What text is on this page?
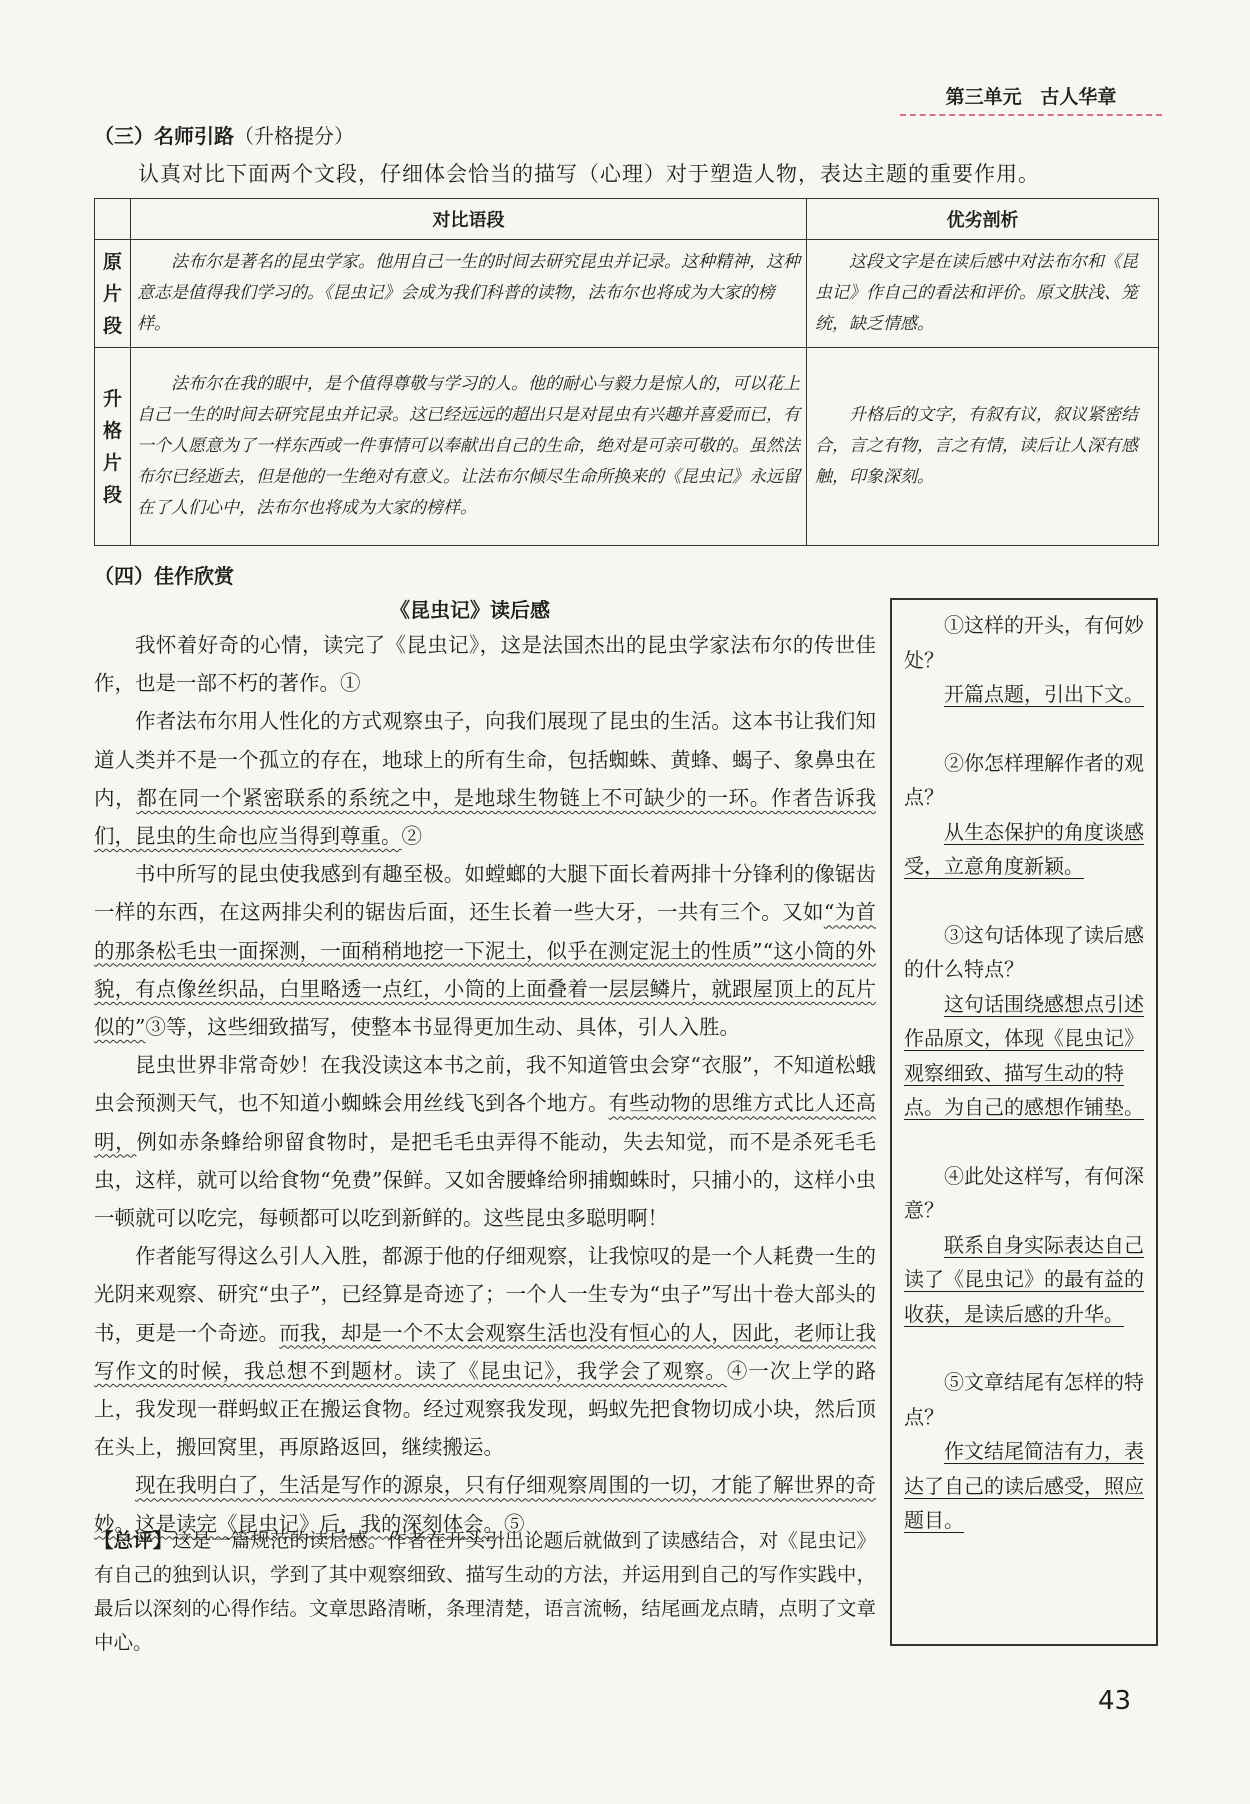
第三单元 古人华章
（三）名师引路（升格提分）
认真对比下面两个文段，仔细体会恰当的描写（心理）对于塑造人物，表达主题的重要作用。
	对比语段	优劣剖析
原片段	法布尔是著名的昆虫学家。他用自己一生的时间去研究昆虫并记录。这种精神，这种意志是值得我们学习的。《昆虫记》会成为我们科普的读物，法布尔也将成为大家的榜样。	这段文字是在读后感中对法布尔和《昆虫记》作自己的看法和评价。原文肤浅、笼统，缺乏情感。
升格片段	法布尔在我的眼中，是个值得尊敬与学习的人。他的耐心与毅力是惊人的，可以花上自己一生的时间去研究昆虫并记录。这已经远远的超出只是对昆虫有兴趣并喜爱而已，有一个人愿意为了一样东西或一件事情可以奉献出自己的生命，绝对是可亲可敬的。虽然法布尔已经逝去，但是他的一生绝对有意义。让法布尔倾尽生命所换来的《昆虫记》永远留在了人们心中，法布尔也将成为大家的榜样。	升格后的文字，有叙有议，叙议紧密结合，言之有物，言之有情，读后让人深有感触，印象深刻。
（四）佳作欣赏
《昆虫记》读后感

我怀着好奇的心情，读完了《昆虫记》，这是法国杰出的昆虫学家法布尔的传世佳作，也是一部不朽的著作。①

作者法布尔用人性化的方式观察虫子，向我们展现了昆虫的生活。这本书让我们知道人类并不是一个孤立的存在，地球上的所有生命，包括蜘蛛、黄蜂、蝎子、象鼻虫在内，都在同一个紧密联系的系统之中，是地球生物链上不可缺少的一环。作者告诉我们，昆虫的生命也应当得到尊重。②

书中所写的昆虫使我感到有趣至极。如螳螂的大腿下面长着两排十分锋利的像锯齿一样的东西，在这两排尖利的锯齿后面，还生长着一些大牙，一共有三个。又如“为首的那条松毛虫一面探测，一面稍稍地挖一下泥土，似乎在测定泥土的性质”“这小筒的外貌，有点像丝织品，白里略透一点红，小筒的上面叠着一层层鳞片，就跟屋顶上的瓦片似的”③等，这些细致描写，使整本书显得更加生动、具体，引人入胜。

昆虫世界非常奇妙！在我没读这本书之前，我不知道管虫会穿“衣服”，不知道松蛾虫会预测天气，也不知道小蜘蛛会用丝线飞到各个地方。有些动物的思维方式比人还高明，例如赤条蜂给卵留食物时，是把毛毛虫弄得不能动，失去知觉，而不是杀死毛毛虫，这样，就可以给食物“免费”保鲜。又如舍腰蜂给卵捕蜘蛛时，只捕小的，这样小虫一顿就可以吃完，每顿都可以吃到新鲜的。这些昆虫多聪明啊！

作者能写得这么引人入胜，都源于他的仔细观察，让我惊叹的是一个人耗费一生的光阴来观察、研究“虫子”，已经算是奇迹了；一个人一生专为“虫子”写出十卷大部头的书，更是一个奇迹。而我，却是一个不太会观察生活也没有恒心的人，因此，老师让我写作文的时候，我总想不到题材。读了《昆虫记》，我学会了观察。④一次上学的路上，我发现一群蚂蚁正在搬运食物。经过观察我发现，蚂蚁先把食物切成小块，然后顶在头上，搬回窝里，再原路返回，继续搬运。

现在我明白了，生活是写作的源泉，只有仔细观察周围的一切，才能了解世界的奇妙。这是读完《昆虫记》后，我的深刻体会。⑤

【总评】这是一篇规范的读后感。作者在开头引出论题后就做到了读感结合，对《昆虫记》有自己的独到认识，学到了其中观察细致、描写生动的方法，并运用到自己的写作实践中，最后以深刻的心得作结。文章思路清晰，条理清楚，语言流畅，结尾画龙点睛，点明了文章中心。
①这样的开头，有何妙处？
开篇点题，引出下文。
②你怎样理解作者的观点？
从生态保护的角度谈感受，立意角度新颖。
③这句话体现了读后感的什么特点？
这句话围绕感想点引述作品原文，体现《昆虫记》观察细致、描写生动的特点。为自己的感想作铺垫。
④此处这样写，有何深意？
联系自身实际表达自己读了《昆虫记》的最有益的收获，是读后感的升华。
⑤文章结尾有怎样的特点？
作文结尾简洁有力，表达了自己的读后感受，照应题目。
43
